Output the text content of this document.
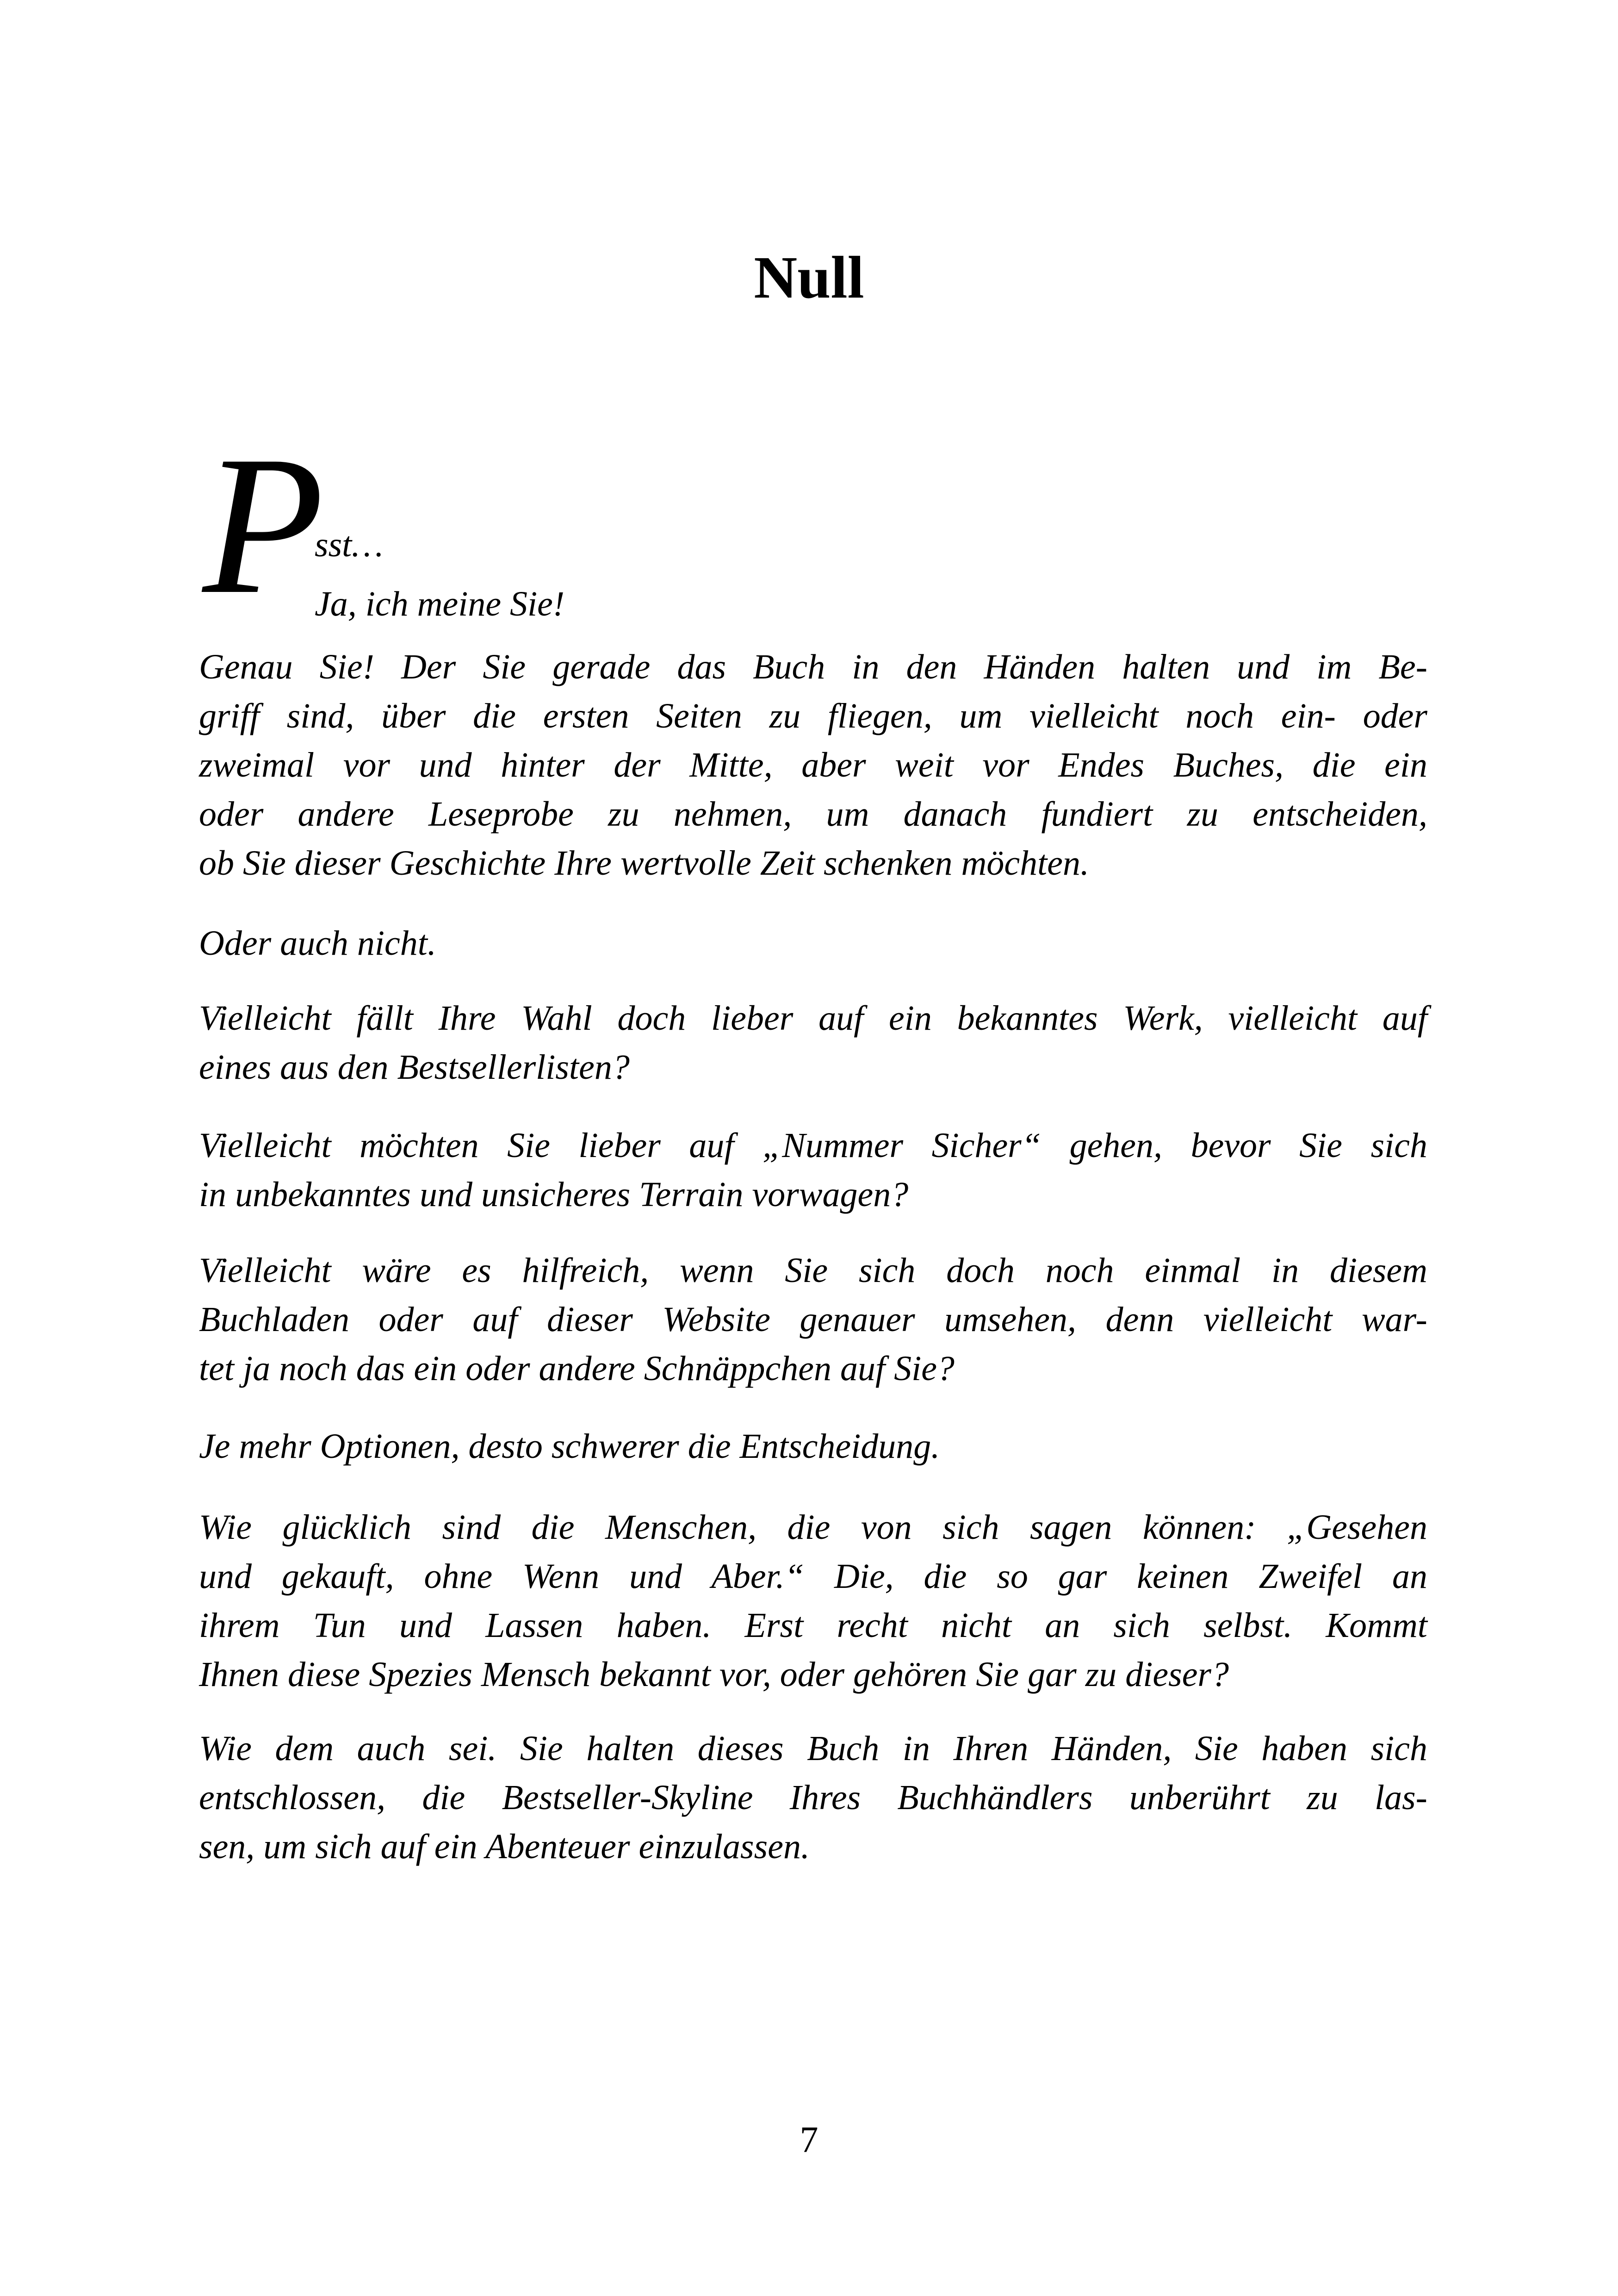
Null
P
sst…
Ja, ich meine Sie!
Genau Sie! Der Sie gerade das Buch in den Händen halten und im Be-
griff sind, über die ersten Seiten zu fliegen, um vielleicht noch ein- oder
zweimal vor und hinter der Mitte, aber weit vor Endes Buches, die ein
oder andere Leseprobe zu nehmen, um danach fundiert zu entscheiden,
ob Sie dieser Geschichte Ihre wertvolle Zeit schenken möchten.
Oder auch nicht.
Vielleicht fällt Ihre Wahl doch lieber auf ein bekanntes Werk, vielleicht auf
eines aus den Bestsellerlisten?
Vielleicht möchten Sie lieber auf „Nummer Sicher“ gehen, bevor Sie sich
in unbekanntes und unsicheres Terrain vorwagen?
Vielleicht wäre es hilfreich, wenn Sie sich doch noch einmal in diesem
Buchladen oder auf dieser Website genauer umsehen, denn vielleicht war-
tet ja noch das ein oder andere Schnäppchen auf Sie?
Je mehr Optionen, desto schwerer die Entscheidung.
Wie glücklich sind die Menschen, die von sich sagen können: „Gesehen
und gekauft, ohne Wenn und Aber.“ Die, die so gar keinen Zweifel an
ihrem Tun und Lassen haben. Erst recht nicht an sich selbst. Kommt
Ihnen diese Spezies Mensch bekannt vor, oder gehören Sie gar zu dieser?
Wie dem auch sei. Sie halten dieses Buch in Ihren Händen, Sie haben sich
entschlossen, die Bestseller-Skyline Ihres Buchhändlers unberührt zu las-
sen, um sich auf ein Abenteuer einzulassen.
7
